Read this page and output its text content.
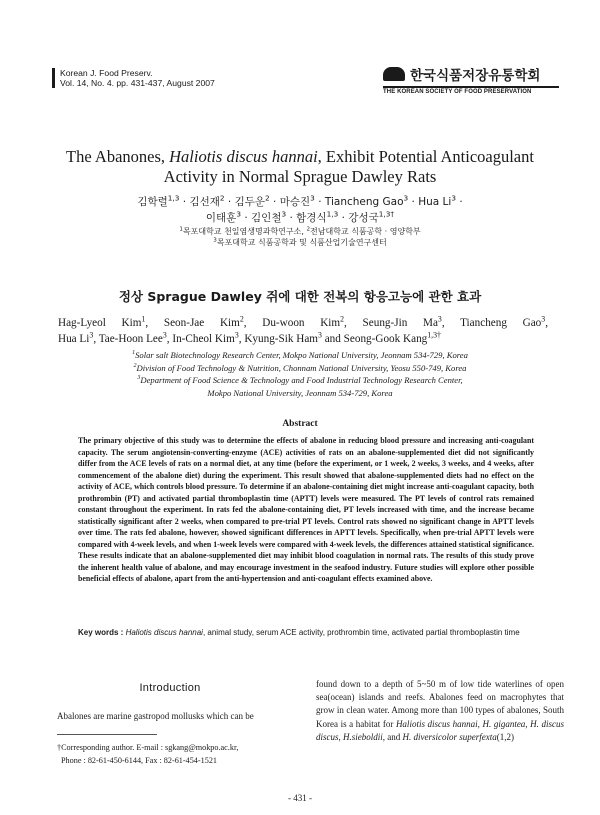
Korean J. Food Preserv.
Vol. 14, No. 4. pp. 431-437, August 2007	한국식품저장유통학회
THE KOREAN SOCIETY OF FOOD PRESERVATION
The Abanones, Haliotis discus hannai, Exhibit Potential Anticoagulant
Activity in Normal Sprague Dawley Rats
김학렬$^{1,3}$ · 김선재$^2$ · 김두운$^2$ · 마승진$^3$ · Tiancheng Gao$^3$ · Hua $Li^3$ ·
이태훈$^3$ · 김인철$^3$ · 함경식$^{1,3}$ · 강성국$^{1,3\dagger}$
$^1$목포대학교 천일염생명과학연구소, $^2$전남대학교 식품공학 · 영양학부
$^3$목포대학교 식품공학과 및 식품산업기술연구센터
정상 Sprague Dawley 쥐에 대한 전복의 항응고능에 관한 효과
Hag-Lyeol Kim$^1$, Seon-Jae Kim$^2$, Du-woon Kim$^2$, Seung-Jin Ma$^3$, Tiancheng Gao$^3$,
Hua Li$^3$, Tae-Hoon Lee$^3$, In-Cheol Kim$^3$, Kyung-Sik Ham$^3$ and Seong-Gook Kang$^{1,3\dagger}$
$^1$Solar salt Biotechnology Research Center, Mokpo National University, Jeonnam 534-729, Korea
$^2$Division of Food Technology & Nutrition, Chonnam National University, Yeosu 550-749, Korea
$^3$Department of Food Science & Technology and Food Industrial Technology Research Center,
Mokpo National University, Jeonnam 534-729, Korea
Abstract
The primary objective of this study was to determine the effects of abalone in reducing blood pressure and increasing anti-coagulant capacity. The serum angiotensin-converting-enzyme (ACE) activities of rats on an abalone-supplemented diet did not significantly differ from the ACE levels of rats on a normal diet, at any time (before the experiment, or 1 week, 2 weeks, 3 weeks, and 4 weeks, after commencement of the abalone diet) during the experiment. This result showed that abalone-supplemented diets had no effect on the activity of ACE, which controls blood pressure. To determine if an abalone-containing diet might increase anti-coagulant capacity, both prothrombin (PT) and activated partial thromboplastin time (APTT) levels were measured. The PT levels of control rats remained constant throughout the experiment. In rats fed the abalone-containing diet, PT levels increased with time, and the increase became statistically significant after 2 weeks, when compared to pre-trial PT levels. Control rats showed no significant change in APTT levels over time. The rats fed abalone, however, showed significant differences in APTT levels. Specifically, when pre-trial APTT levels were compared with 4-week levels, and when 1-week levels were compared with 4-week levels, the differences attained statistical significance. These results indicate that an abalone-supplemented diet may inhibit blood coagulation in normal rats. The results of this study prove the inherent health value of abalone, and may encourage investment in the seafood industry. Future studies will explore other possible beneficial effects of abalone, apart from the anti-hypertension and anti-coagulant effects examined above.
Key words : Haliotis discus hannai, animal study, serum ACE activity, prothrombin time, activated partial thromboplastin time
Introduction
Abalones are marine gastropod mollusks which can be
†Corresponding author. E-mail : sgkang@mokpo.ac.kr,
Phone : 82-61-450-6144, Fax : 82-61-454-1521
found down to a depth of 5~50 m of low tide waterlines of open sea(ocean) islands and reefs. Abalones feed on macrophytes that grow in clean water. Among more than 100 types of abalones, South Korea is a habitat for Haliotis discus hannai, H. gigantea, H. discus discus, H.sieboldii, and H. diversicolor superfexta(1,2)
- 431 -
